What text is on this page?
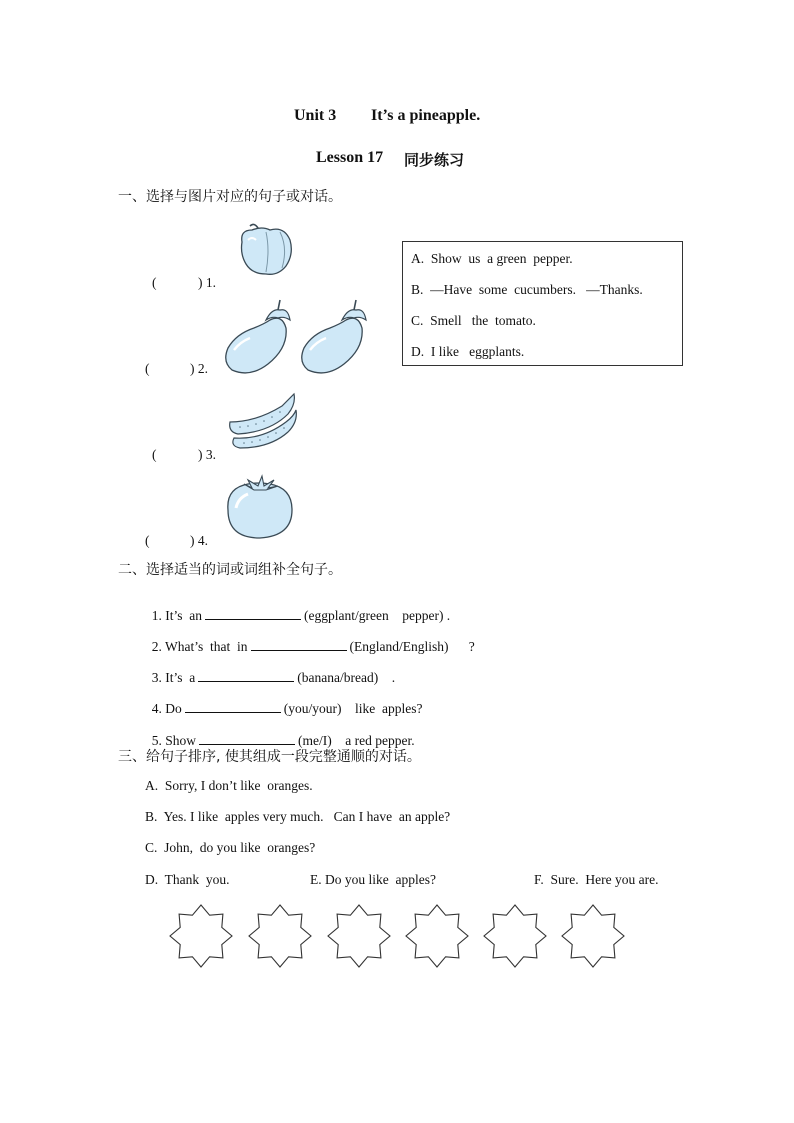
Unit 3 It’s a pineapple.
Lesson 17 同步练习
一、选择与图片对应的句子或对话。
(	) 1.
(	) 2.
(	) 3.
(	) 4.
A.  Show  us  a green  pepper.
B.  —Have  some  cucumbers.   —Thanks.
C.  Smell   the  tomato.
D.  I like   eggplants.
二、选择适当的词或词组补全句子。

1. It’s  an	(eggplant/green    pepper) .

2. What’s  that  in	(England/English)      ?

3. It’s  a	(banana/bread)    .

4. Do	(you/your)    like  apples?

5. Show	(me/I)    a red pepper.

三、给句子排序, 使其组成一段完整通顺的对话。
A.  Sorry, I don’t like  oranges.
B.  Yes. I like  apples very much.   Can I have  an apple?
C.  John,  do you like  oranges?
D.  Thank  you.	E. Do you like  apples?	F.  Sure.  Here you are.
